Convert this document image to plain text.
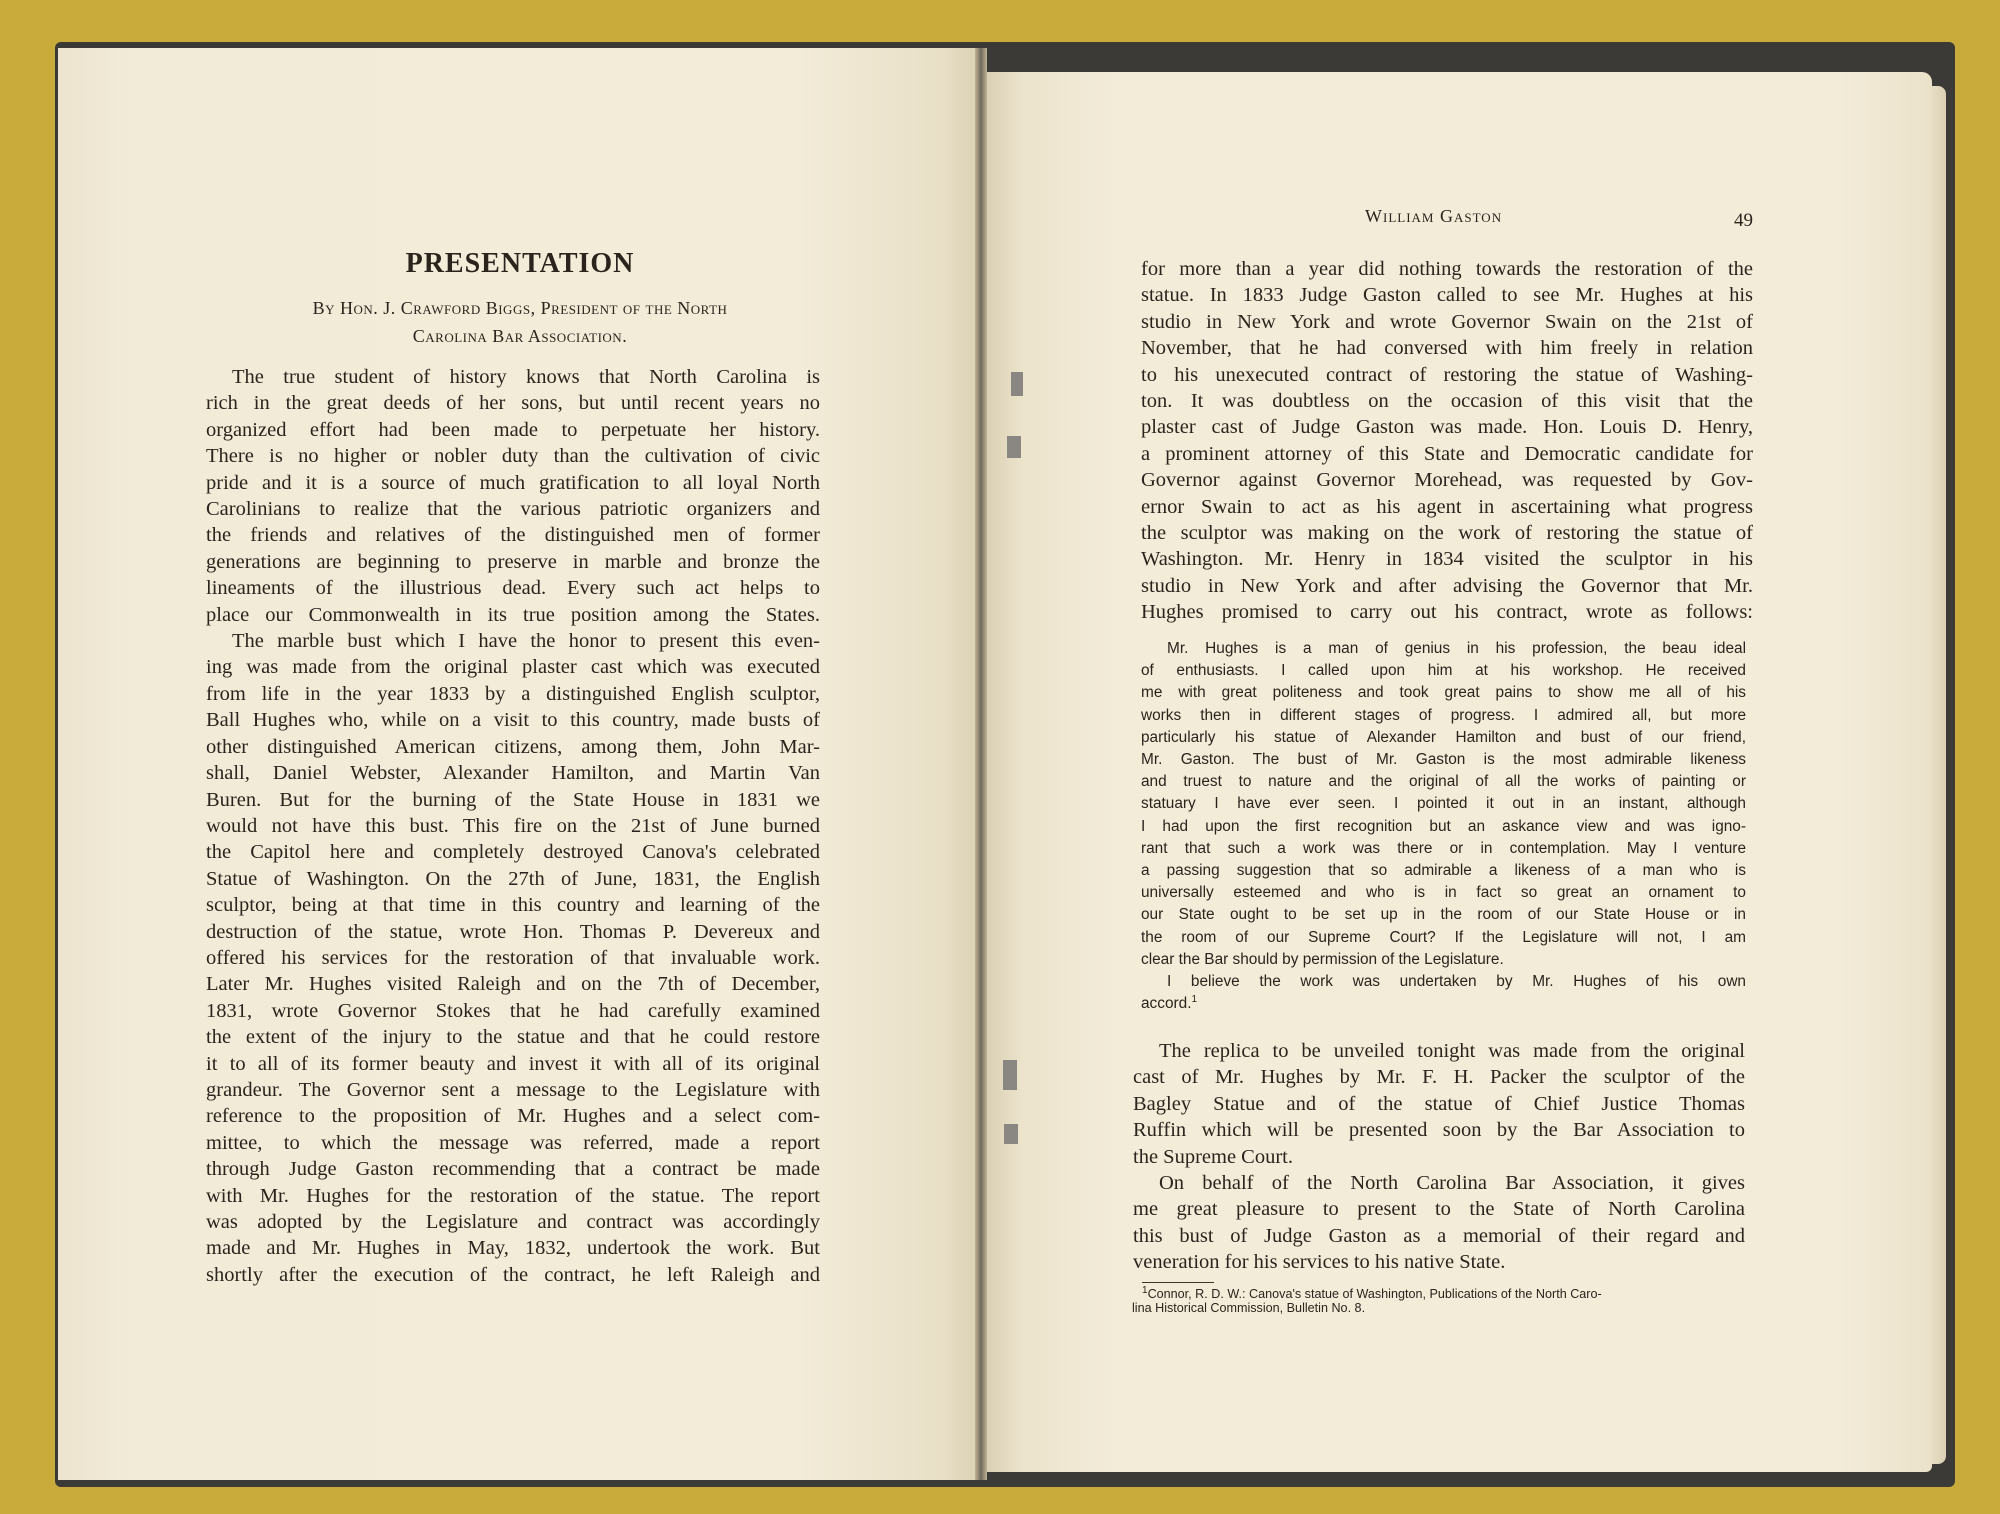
PRESENTATION
By Hon. J. Crawford Biggs, President of the North
Carolina Bar Association.
The true student of history knows that North Carolina is
rich in the great deeds of her sons, but until recent years no
organized effort had been made to perpetuate her history.
There is no higher or nobler duty than the cultivation of civic
pride and it is a source of much gratification to all loyal North
Carolinians to realize that the various patriotic organizers and
the friends and relatives of the distinguished men of former
generations are beginning to preserve in marble and bronze the
lineaments of the illustrious dead. Every such act helps to
place our Commonwealth in its true position among the States.
The marble bust which I have the honor to present this even-
ing was made from the original plaster cast which was executed
from life in the year 1833 by a distinguished English sculptor,
Ball Hughes who, while on a visit to this country, made busts of
other distinguished American citizens, among them, John Mar-
shall, Daniel Webster, Alexander Hamilton, and Martin Van
Buren. But for the burning of the State House in 1831 we
would not have this bust. This fire on the 21st of June burned
the Capitol here and completely destroyed Canova's celebrated
Statue of Washington. On the 27th of June, 1831, the English
sculptor, being at that time in this country and learning of the
destruction of the statue, wrote Hon. Thomas P. Devereux and
offered his services for the restoration of that invaluable work.
Later Mr. Hughes visited Raleigh and on the 7th of December,
1831, wrote Governor Stokes that he had carefully examined
the extent of the injury to the statue and that he could restore
it to all of its former beauty and invest it with all of its original
grandeur. The Governor sent a message to the Legislature with
reference to the proposition of Mr. Hughes and a select com-
mittee, to which the message was referred, made a report
through Judge Gaston recommending that a contract be made
with Mr. Hughes for the restoration of the statue. The report
was adopted by the Legislature and contract was accordingly
made and Mr. Hughes in May, 1832, undertook the work. But
shortly after the execution of the contract, he left Raleigh and
William Gaston	49
for more than a year did nothing towards the restoration of the
statue. In 1833 Judge Gaston called to see Mr. Hughes at his
studio in New York and wrote Governor Swain on the 21st of
November, that he had conversed with him freely in relation
to his unexecuted contract of restoring the statue of Washing-
ton. It was doubtless on the occasion of this visit that the
plaster cast of Judge Gaston was made. Hon. Louis D. Henry,
a prominent attorney of this State and Democratic candidate for
Governor against Governor Morehead, was requested by Gov-
ernor Swain to act as his agent in ascertaining what progress
the sculptor was making on the work of restoring the statue of
Washington. Mr. Henry in 1834 visited the sculptor in his
studio in New York and after advising the Governor that Mr.
Hughes promised to carry out his contract, wrote as follows:
Mr. Hughes is a man of genius in his profession, the beau ideal
of enthusiasts. I called upon him at his workshop. He received
me with great politeness and took great pains to show me all of his
works then in different stages of progress. I admired all, but more
particularly his statue of Alexander Hamilton and bust of our friend,
Mr. Gaston. The bust of Mr. Gaston is the most admirable likeness
and truest to nature and the original of all the works of painting or
statuary I have ever seen. I pointed it out in an instant, although
I had upon the first recognition but an askance view and was igno-
rant that such a work was there or in contemplation. May I venture
a passing suggestion that so admirable a likeness of a man who is
universally esteemed and who is in fact so great an ornament to
our State ought to be set up in the room of our State House or in
the room of our Supreme Court? If the Legislature will not, I am
clear the Bar should by permission of the Legislature.
I believe the work was undertaken by Mr. Hughes of his own
accord.$^1$
The replica to be unveiled tonight was made from the original
cast of Mr. Hughes by Mr. F. H. Packer the sculptor of the
Bagley Statue and of the statue of Chief Justice Thomas
Ruffin which will be presented soon by the Bar Association to
the Supreme Court.
On behalf of the North Carolina Bar Association, it gives
me great pleasure to present to the State of North Carolina
this bust of Judge Gaston as a memorial of their regard and
veneration for his services to his native State.
$^1$Connor, R. D. W.: Canova's statue of Washington, Publications of the North Caro-
lina Historical Commission, Bulletin No. 8.
